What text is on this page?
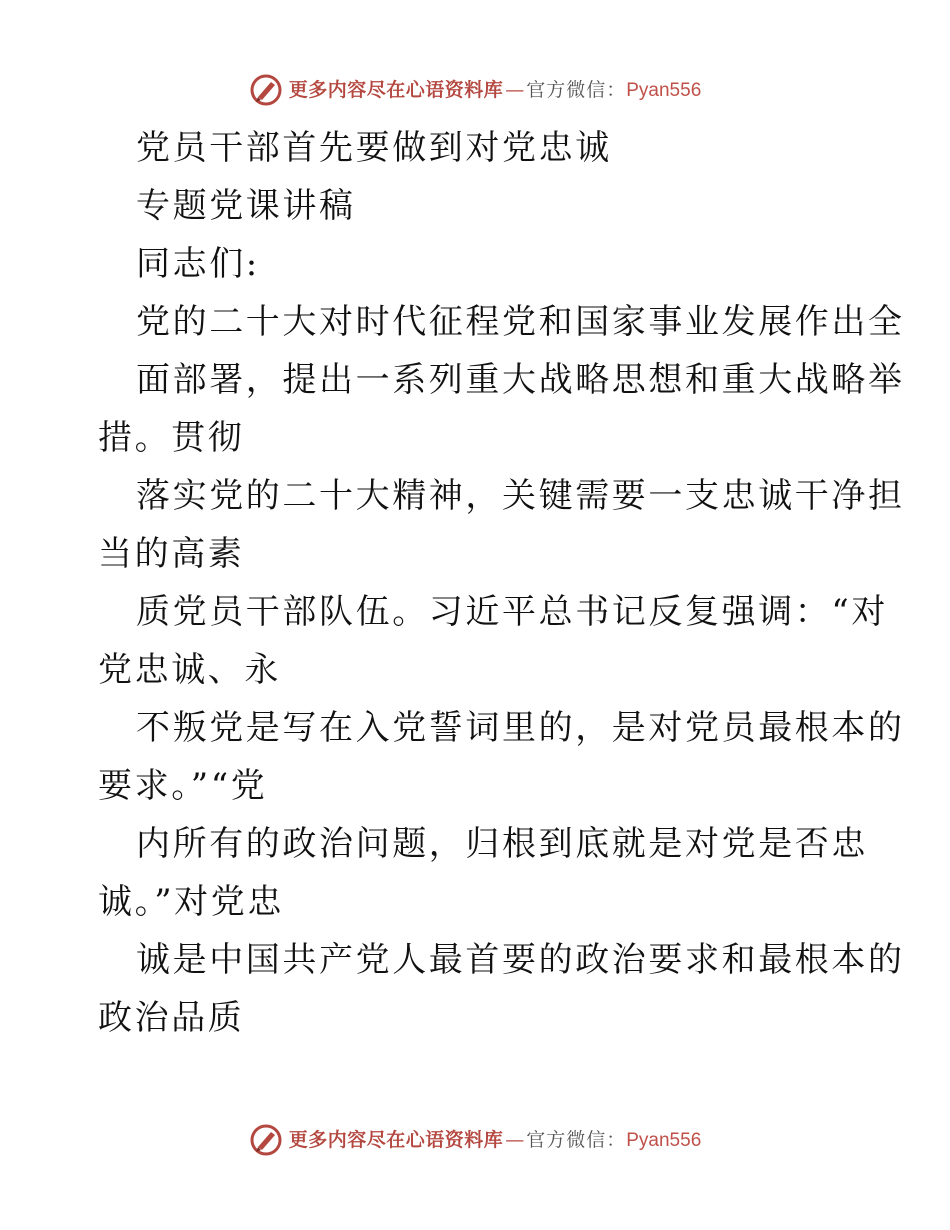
更多内容尽在心语资料库 — 官方微信： Pyan556
党员干部首先要做到对党忠诚
专题党课讲稿
同志们:
党的二十大对时代征程党和国家事业发展作出全
面部署，提出一系列重大战略思想和重大战略举
措。贯彻
落实党的二十大精神，关键需要一支忠诚干净担
当的高素
质党员干部队伍。习近平总书记反复强调：“对
党忠诚、永
不叛党是写在入党誓词里的，是对党员最根本的
要求。”“党
内所有的政治问题，归根到底就是对党是否忠
诚。”对党忠
诚是中国共产党人最首要的政治要求和最根本的
政治品质
更多内容尽在心语资料库 — 官方微信： Pyan556
